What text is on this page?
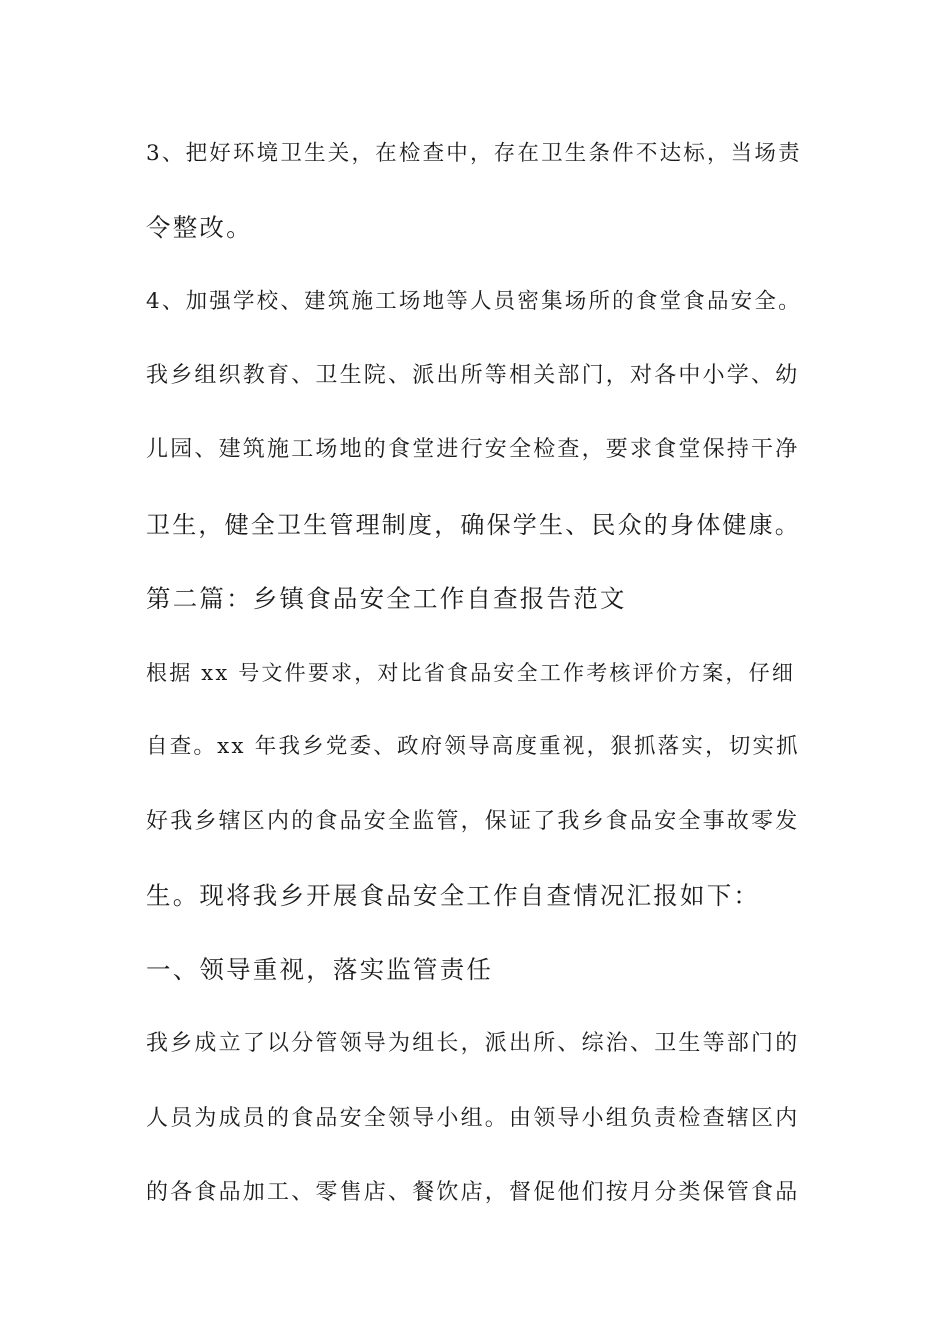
3、把好环境卫生关，在检查中，存在卫生条件不达标，当场责
令整改。
4、加强学校、建筑施工场地等人员密集场所的食堂食品安全。
我乡组织教育、卫生院、派出所等相关部门，对各中小学、幼
儿园、建筑施工场地的食堂进行安全检查，要求食堂保持干净
卫生，健全卫生管理制度，确保学生、民众的身体健康。
第二篇：乡镇食品安全工作自查报告范文
根据 xx 号文件要求，对比省食品安全工作考核评价方案，仔细
自查。xx 年我乡党委、政府领导高度重视，狠抓落实，切实抓
好我乡辖区内的食品安全监管，保证了我乡食品安全事故零发
生。现将我乡开展食品安全工作自查情况汇报如下：
一、领导重视，落实监管责任
我乡成立了以分管领导为组长，派出所、综治、卫生等部门的
人员为成员的食品安全领导小组。由领导小组负责检查辖区内
的各食品加工、零售店、餐饮店，督促他们按月分类保管食品
